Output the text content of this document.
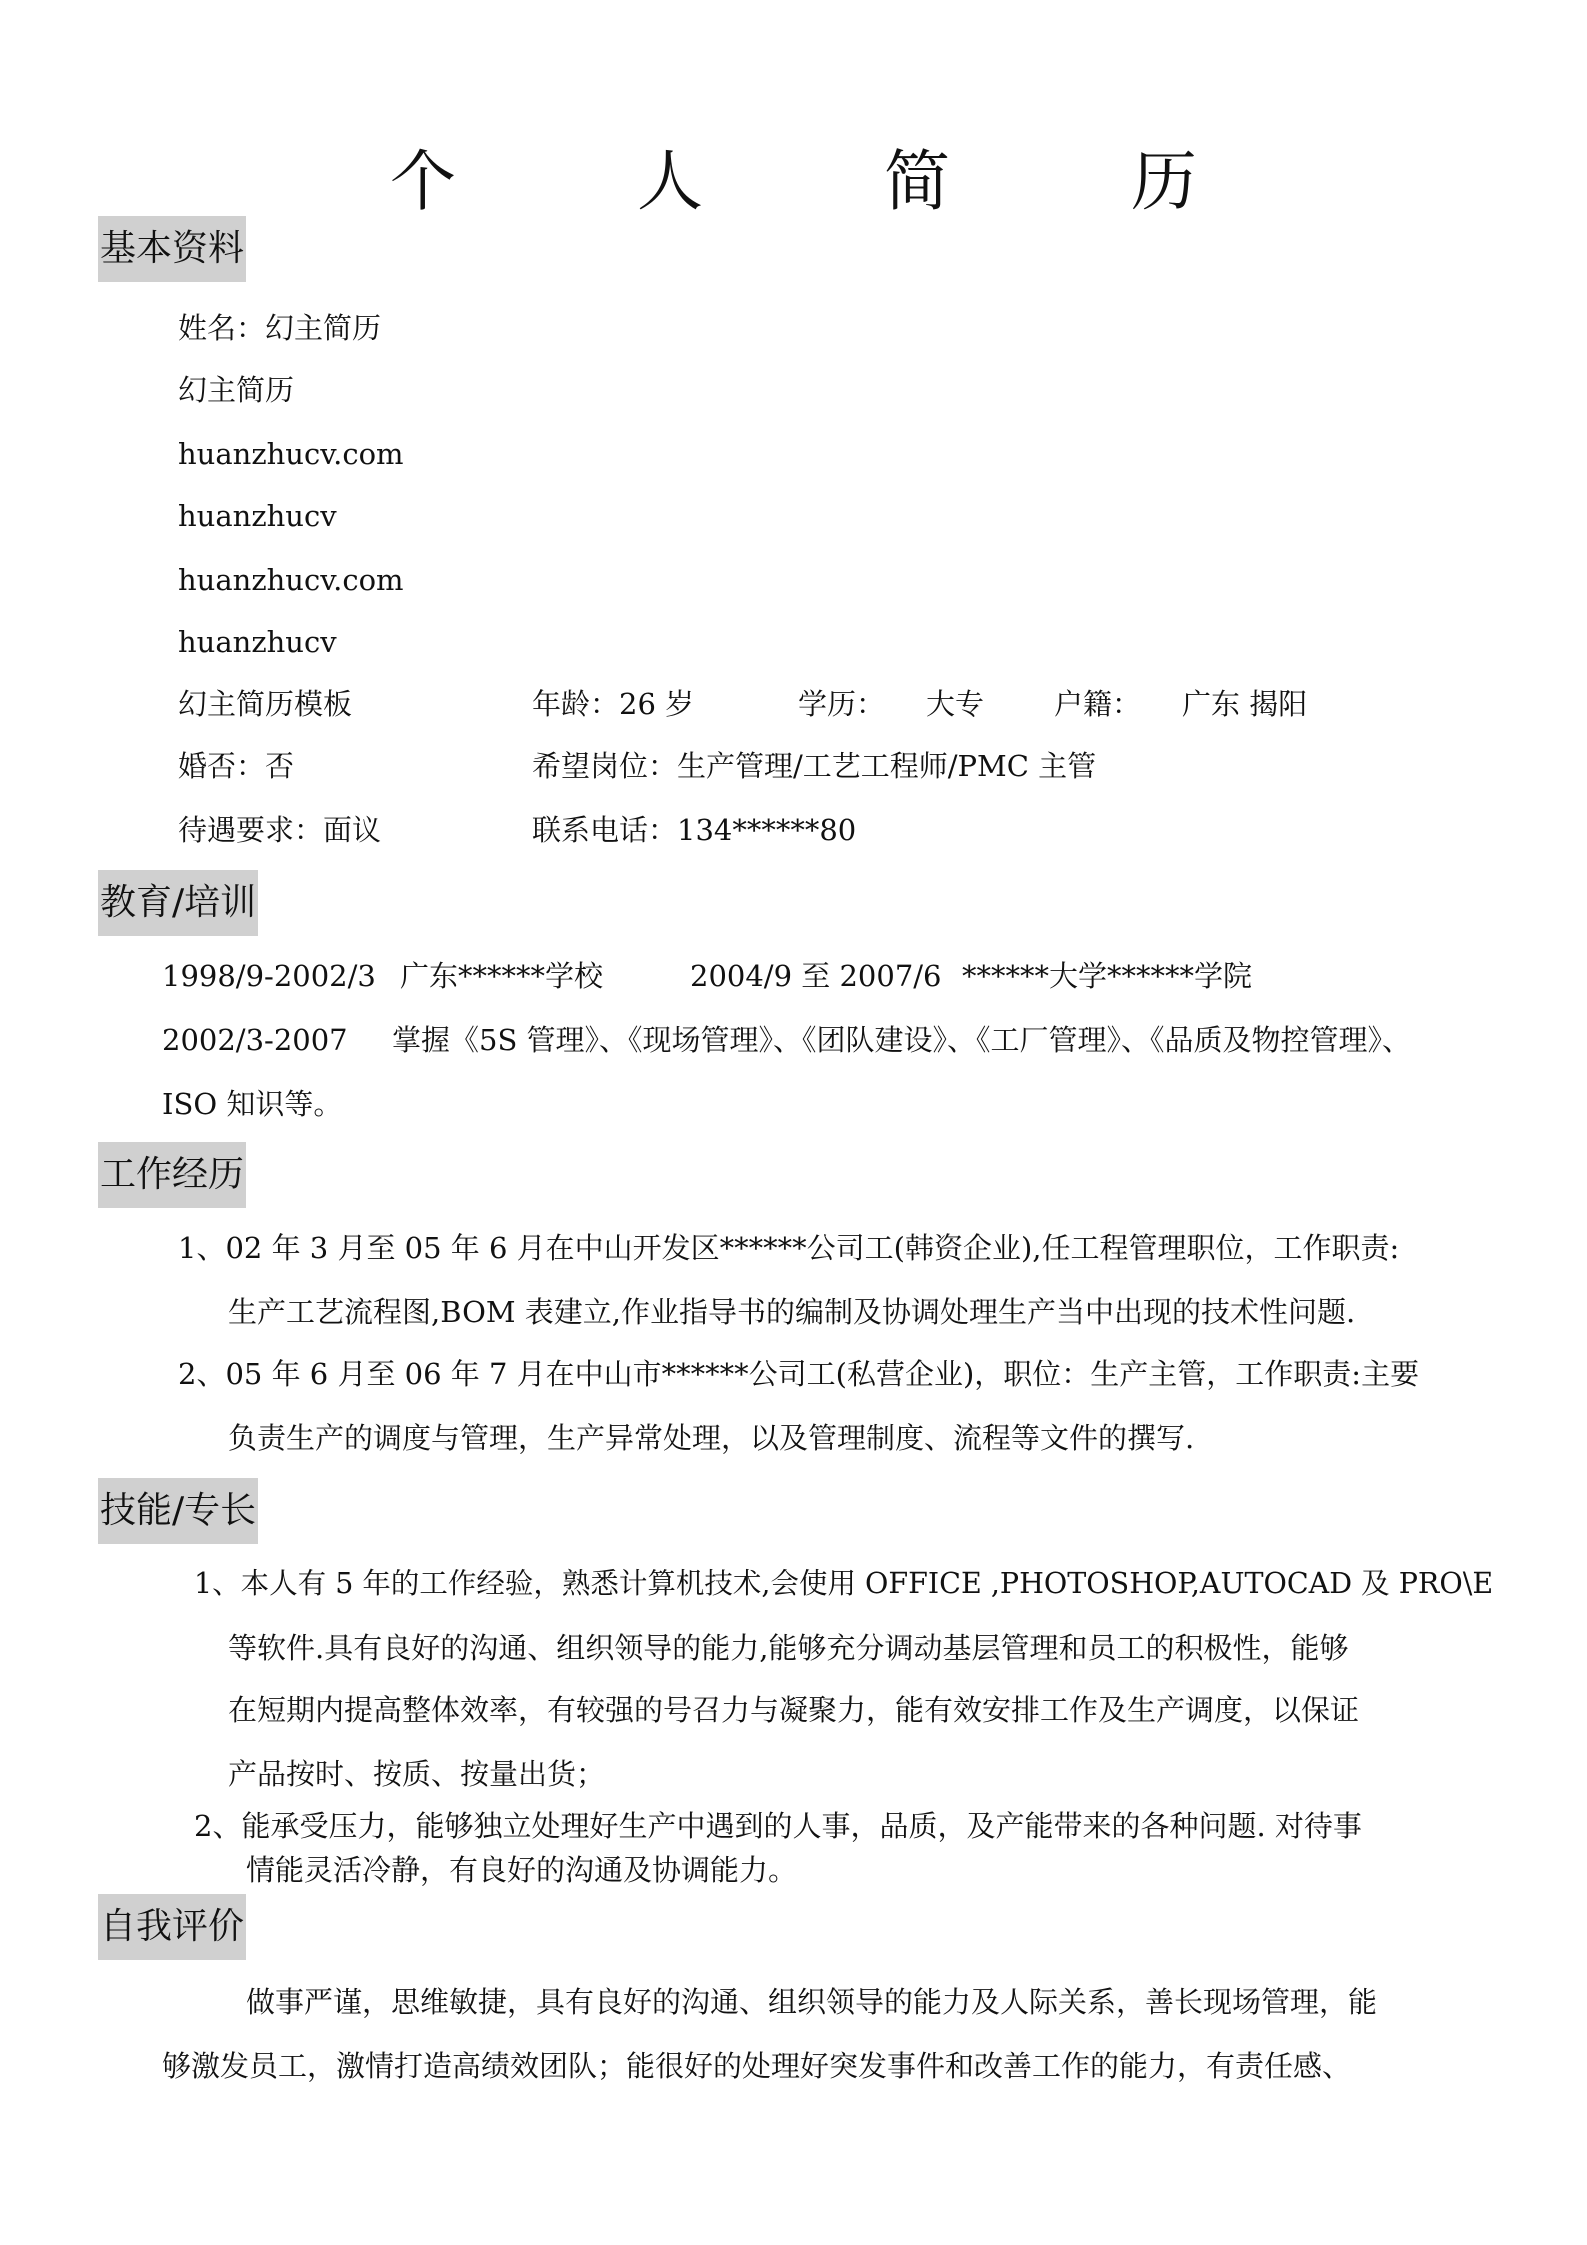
个 人 简 历
基本资料
姓名：幻主简历
幻主简历
huanzhucv.com
huanzhucv
huanzhucv.com
huanzhucv
幻主简历模板	年龄：26 岁	学历： 大专 户籍： 广东 揭阳
婚否：否	希望岗位：生产管理/工艺工程师/PMC 主管
待遇要求：面议	联系电话：134******80
教育/培训
1998/9-2002/3 广东******学校	2004/9 至 2007/6 ******大学******学院
2002/3-2007 掌握《5S 管理》、《现场管理》、《团队建设》、《工厂管理》、《品质及物控管理》、
ISO 知识等。
工作经历
1、02 年 3 月至 05 年 6 月在中山开发区******公司工(韩资企业),任工程管理职位，工作职责:
生产工艺流程图,BOM 表建立,作业指导书的编制及协调处理生产当中出现的技术性问题.
2、05 年 6 月至 06 年 7 月在中山市******公司工(私营企业)，职位：生产主管，工作职责:主要
负责生产的调度与管理，生产异常处理，以及管理制度、流程等文件的撰写.
技能/专长
1、本人有 5 年的工作经验，熟悉计算机技术,会使用 OFFICE ,PHOTOSHOP,AUTOCAD 及 PRO\E
等软件.具有良好的沟通、组织领导的能力,能够充分调动基层管理和员工的积极性，能够
在短期内提高整体效率，有较强的号召力与凝聚力，能有效安排工作及生产调度，以保证
产品按时、按质、按量出货；
2、能承受压力，能够独立处理好生产中遇到的人事，品质，及产能带来的各种问题. 对待事
情能灵活冷静，有良好的沟通及协调能力。
自我评价
做事严谨，思维敏捷，具有良好的沟通、组织领导的能力及人际关系，善长现场管理，能
够激发员工，激情打造高绩效团队；能很好的处理好突发事件和改善工作的能力，有责任感、
